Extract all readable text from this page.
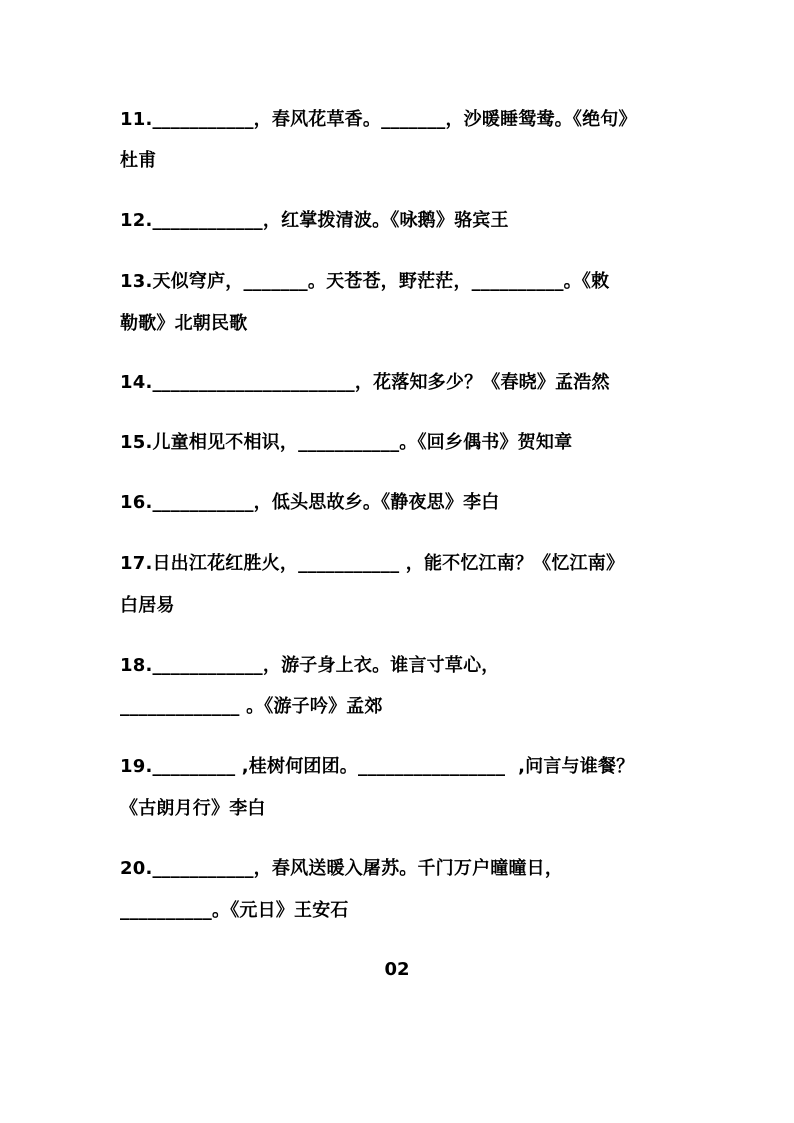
11.___________，春风花草香。_______，沙暖睡鸳鸯。《绝句》
杜甫
12.____________，红掌拨清波。《咏鹅》骆宾王
13.天似穹庐，_______。天苍苍，野茫茫，__________。《敕
勒歌》北朝民歌
14.______________________，花落知多少？《春晓》孟浩然
15.儿童相见不相识，___________。《回乡偶书》贺知章
16.___________，低头思故乡。《静夜思》李白
17.日出江花红胜火，___________ ，能不忆江南？《忆江南》
白居易
18.____________，游子身上衣。谁言寸草心，
_____________ 。《游子吟》孟郊
19._________ ,桂树何团团。________________  ,问言与谁餐？
《古朗月行》李白
20.___________，春风送暖入屠苏。千门万户曈曈日，
__________。《元日》王安石
02
